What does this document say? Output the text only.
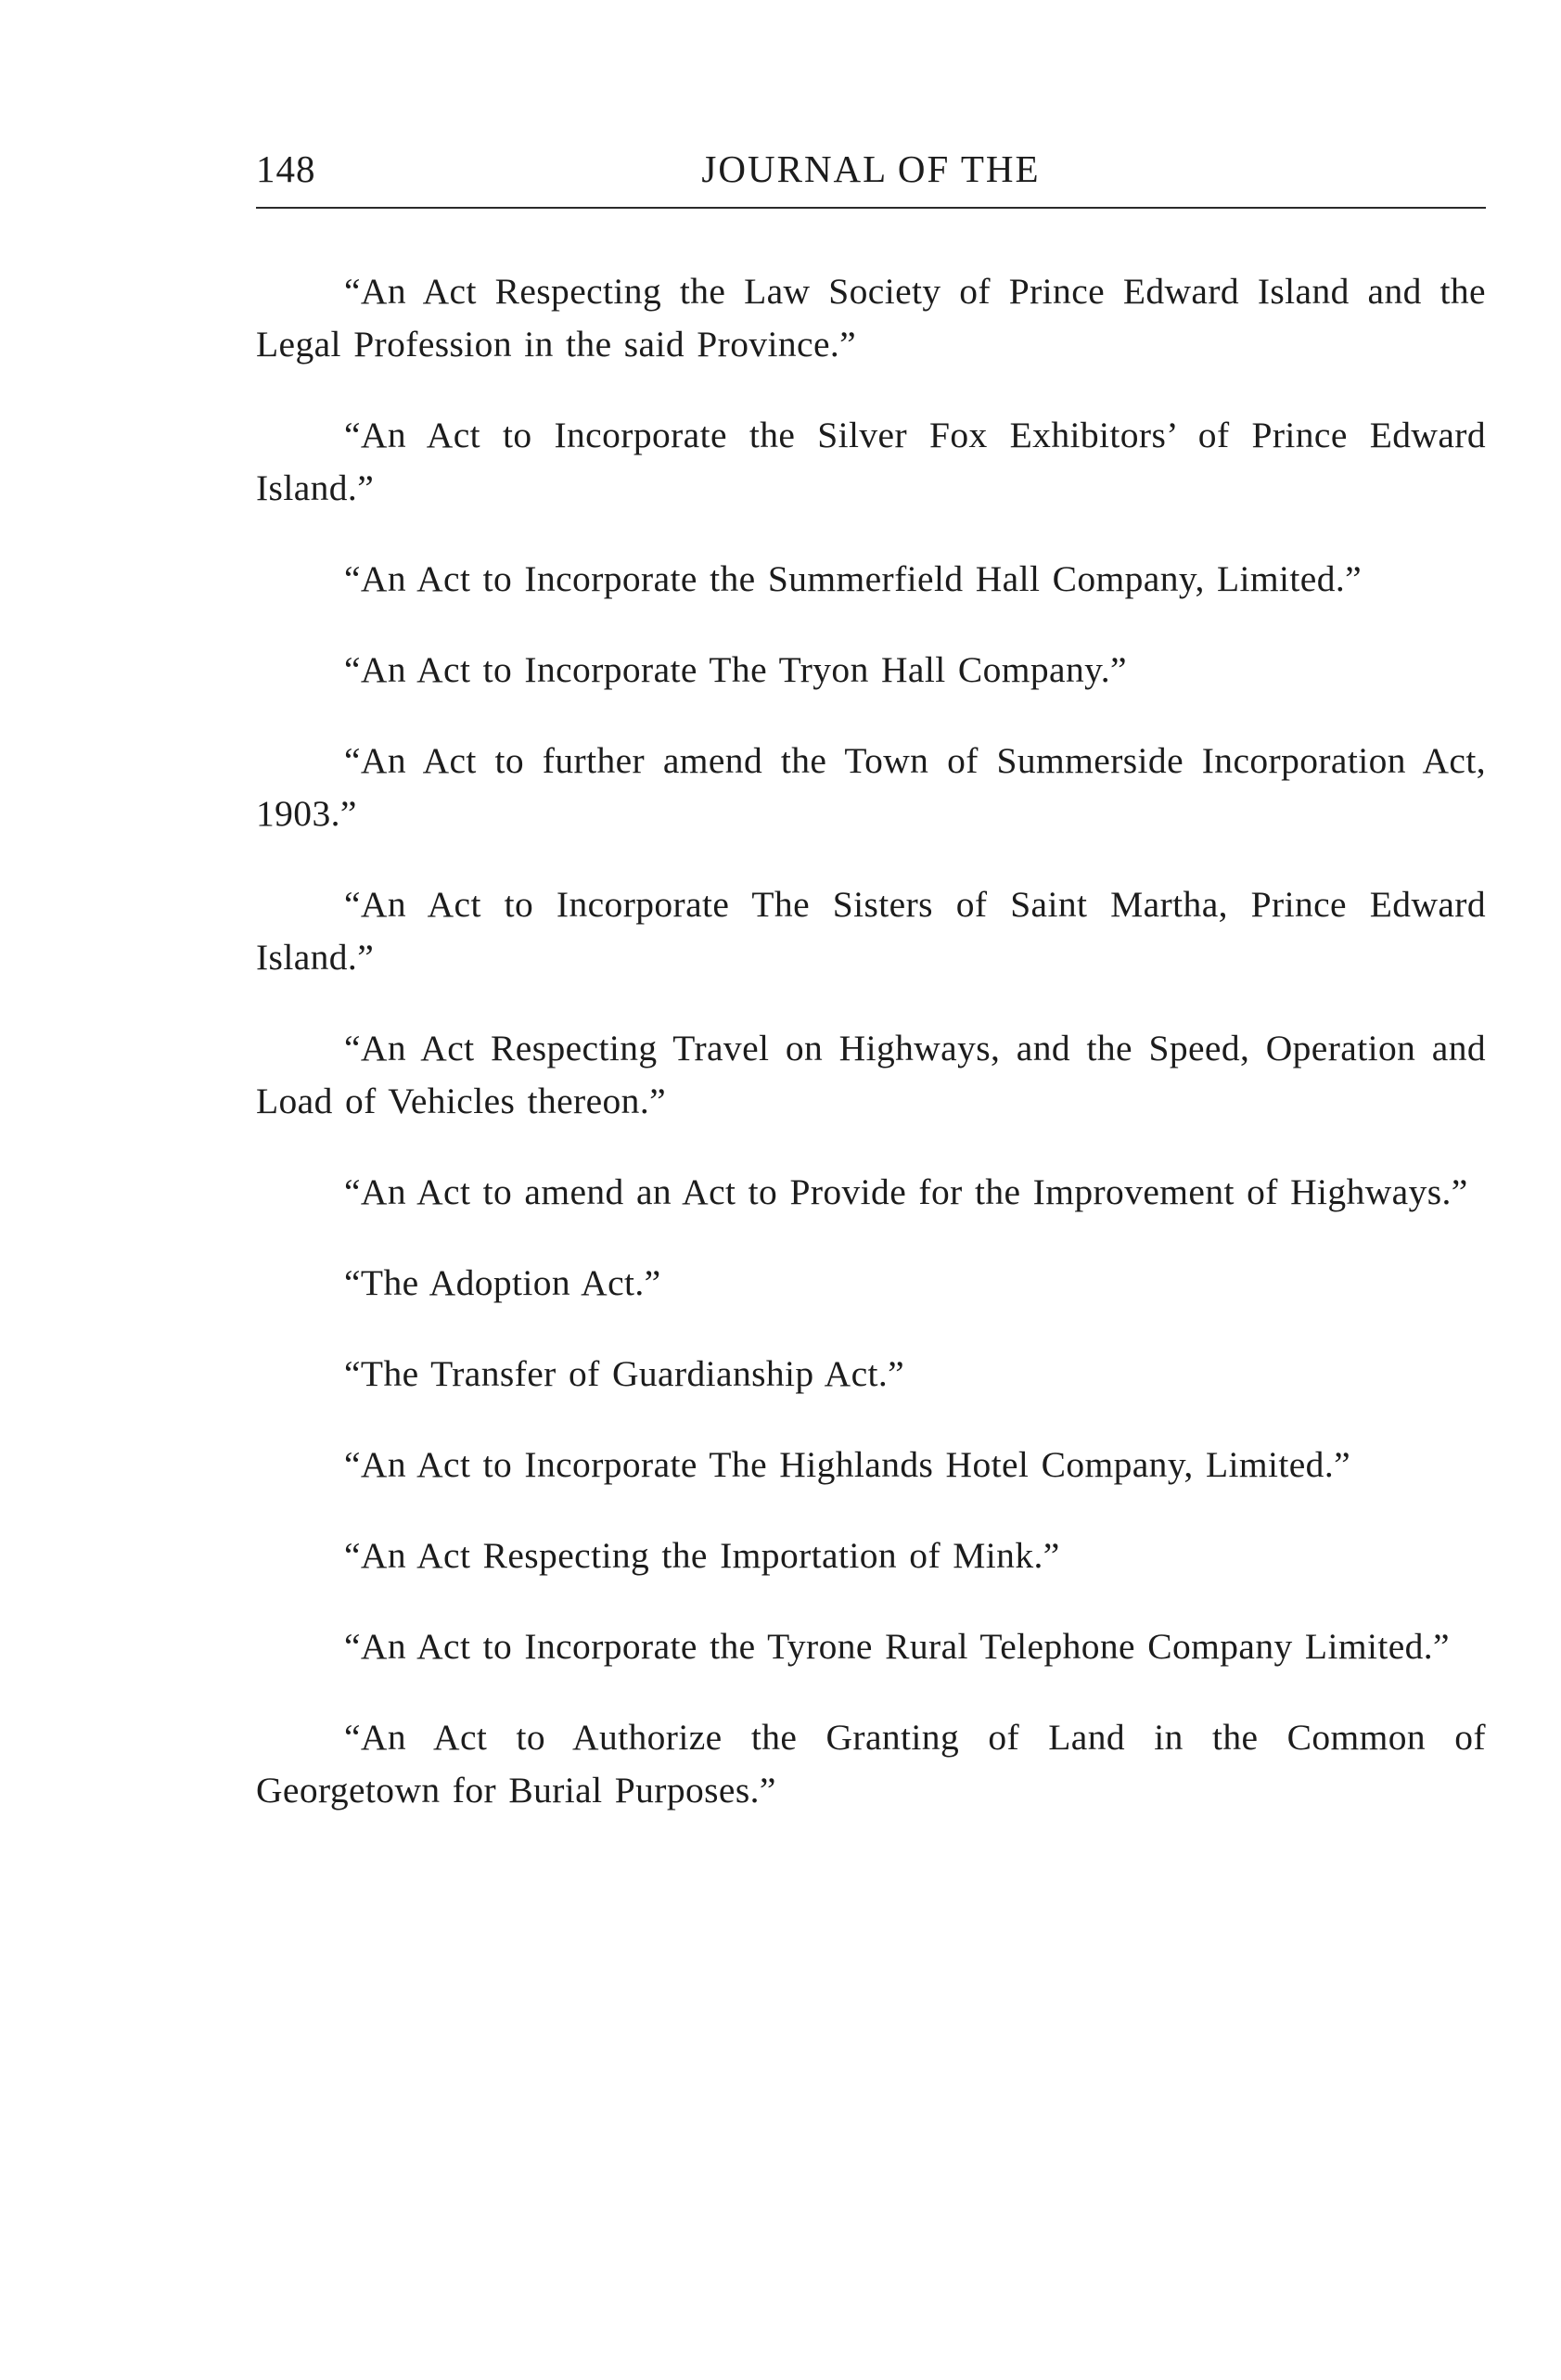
148	JOURNAL OF THE

“An Act Respecting the Law Society of Prince Edward Island and the Legal Profession in the said Province.”

“An Act to Incorporate the Silver Fox Exhibitors’ of Prince Edward Island.”

“An Act to Incorporate the Summerfield Hall Company, Limited.”

“An Act to Incorporate The Tryon Hall Company.”

“An Act to further amend the Town of Summerside Incorporation Act, 1903.”

“An Act to Incorporate The Sisters of Saint Martha, Prince Edward Island.”

“An Act Respecting Travel on Highways, and the Speed, Operation and Load of Vehicles thereon.”

“An Act to amend an Act to Provide for the Improvement of Highways.”

“The Adoption Act.”

“The Transfer of Guardianship Act.”

“An Act to Incorporate The Highlands Hotel Company, Limited.”

“An Act Respecting the Importation of Mink.”

“An Act to Incorporate the Tyrone Rural Telephone Company Limited.”

“An Act to Authorize the Granting of Land in the Common of Georgetown for Burial Purposes.”
